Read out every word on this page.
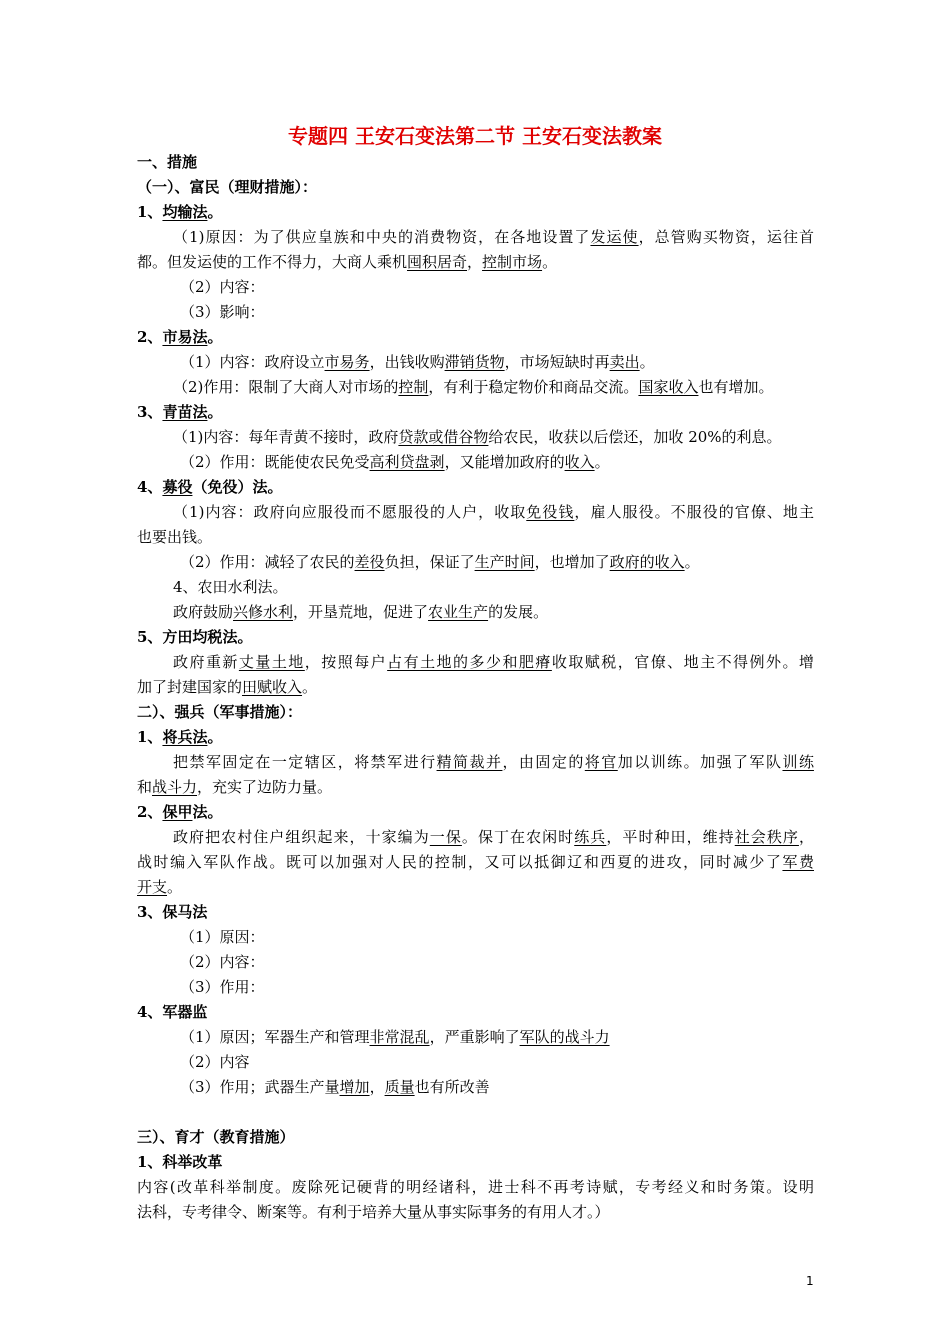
专题四 王安石变法第二节 王安石变法教案
一、措施
（一）、富民（理财措施）：
1、均输法。
（1)原因：为了供应皇族和中央的消费物资，在各地设置了发运使，总管购买物资，运往首
都。但发运使的工作不得力，大商人乘机囤积居奇，控制市场。
（2）内容：
（3）影响：
2、市易法。
（1）内容：政府设立市易务，出钱收购滞销货物，市场短缺时再卖出。
（2)作用：限制了大商人对市场的控制，有利于稳定物价和商品交流。国家收入也有增加。
3、青苗法。
（1)内容：每年青黄不接时，政府贷款或借谷物给农民，收获以后偿还，加收 20%的利息。
（2）作用：既能使农民免受高利贷盘剥，又能增加政府的收入。
4、募役（免役）法。
（1)内容：政府向应服役而不愿服役的人户，收取免役钱，雇人服役。不服役的官僚、地主
也要出钱。
（2）作用：减轻了农民的差役负担，保证了生产时间，也增加了政府的收入。
4、农田水利法。
政府鼓励兴修水利，开垦荒地，促进了农业生产的发展。
5、方田均税法。
政府重新丈量土地，按照每户占有土地的多少和肥瘠收取赋税，官僚、地主不得例外。增
加了封建国家的田赋收入。
二）、强兵（军事措施）：
1、将兵法。
把禁军固定在一定辖区，将禁军进行精简裁并，由固定的将官加以训练。加强了军队训练
和战斗力，充实了边防力量。
2、保甲法。
政府把农村住户组织起来，十家编为一保。保丁在农闲时练兵，平时种田，维持社会秩序，
战时编入军队作战。既可以加强对人民的控制，又可以抵御辽和西夏的进攻，同时减少了军费
开支。
3、保马法
（1）原因：
（2）内容：
（3）作用：
4、军器监
（1）原因；军器生产和管理非常混乱，严重影响了军队的战斗力
（2）内容
（3）作用；武器生产量增加，质量也有所改善
三）、育才（教育措施）
1、科举改革
内容(改革科举制度。废除死记硬背的明经诸科，进士科不再考诗赋，专考经义和时务策。设明
法科，专考律令、断案等。有利于培养大量从事实际事务的有用人才。）
1
